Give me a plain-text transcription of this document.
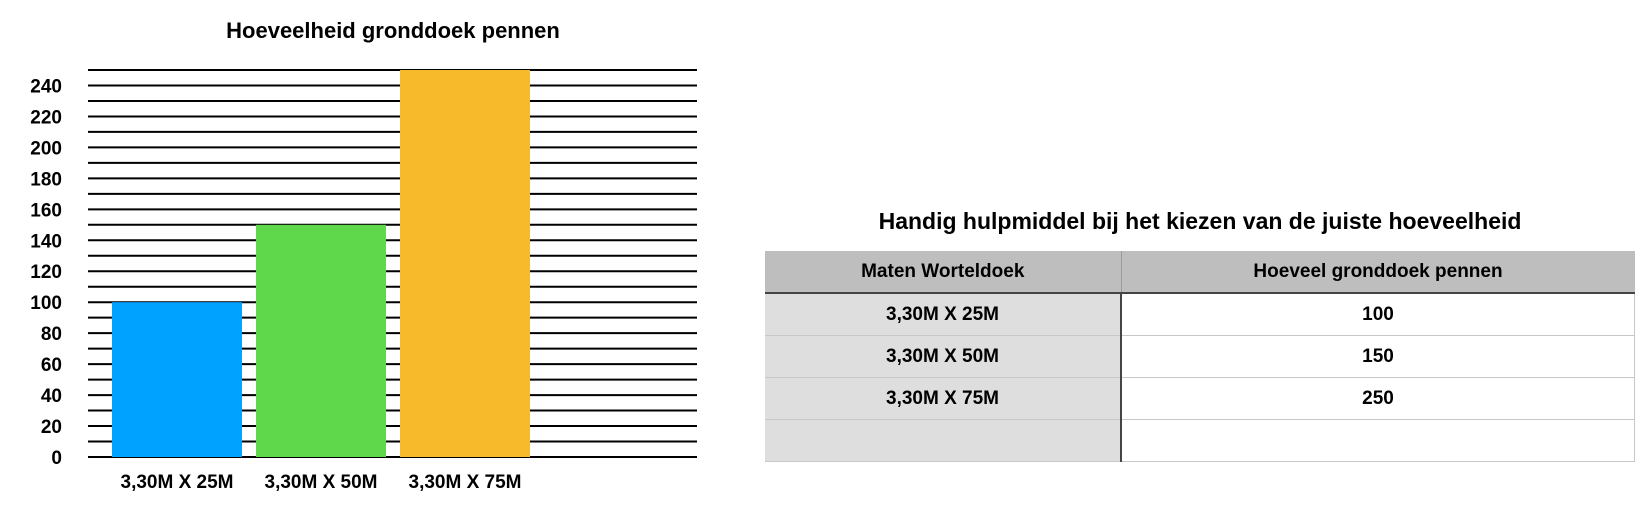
Hoeveelheid gronddoek pennen
0
20
40
60
80
100
120
140
160
180
200
220
240
3,30M X 25M 3,30M X 50M 3,30M X 75M
Handig hulpmiddel bij het kiezen van de juiste hoeveelheid
Maten Worteldoek	Hoeveel gronddoek pennen
3,30M X 25M	100
3,30M X 50M	150
3,30M X 75M	250
